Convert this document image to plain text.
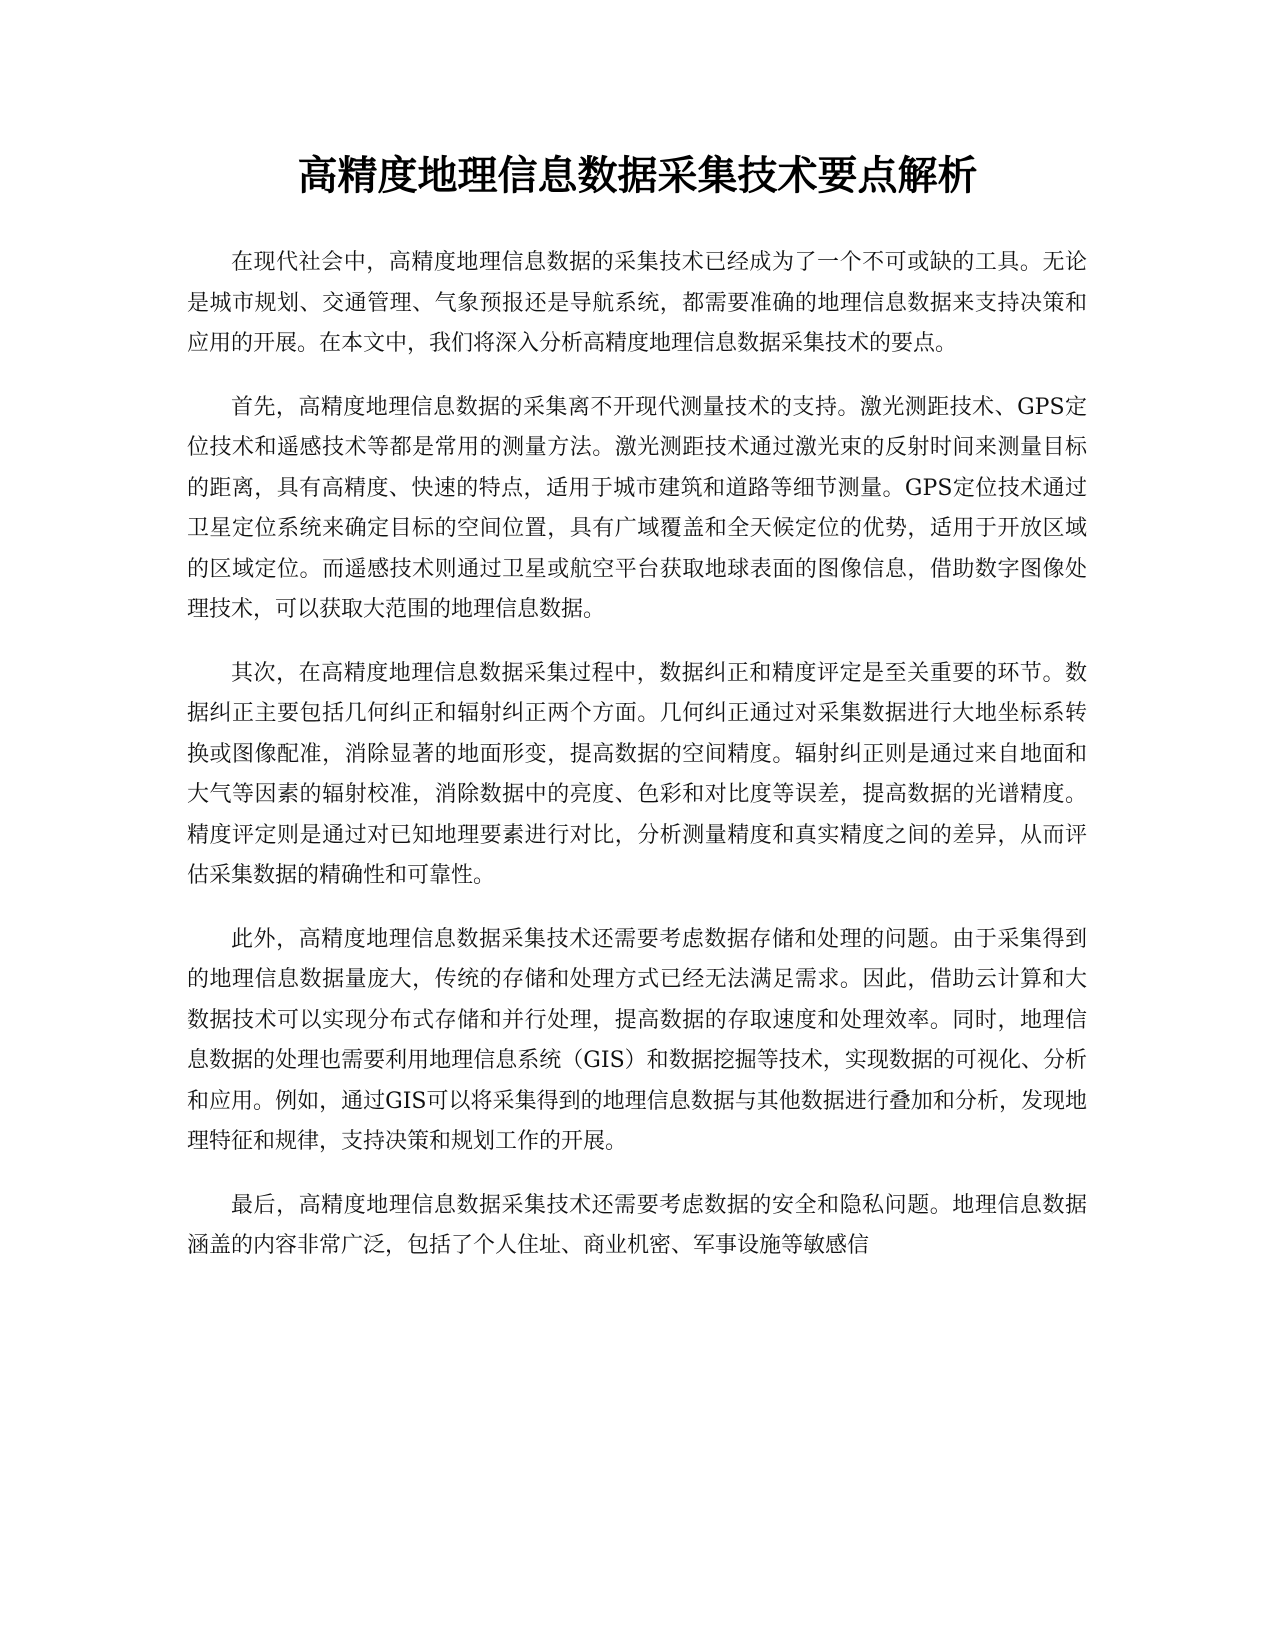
高精度地理信息数据采集技术要点解析

在现代社会中，高精度地理信息数据的采集技术已经成为了一个不可或缺的工具。无论是城市规划、交通管理、气象预报还是导航系统，都需要准确的地理信息数据来支持决策和应用的开展。在本文中，我们将深入分析高精度地理信息数据采集技术的要点。

首先，高精度地理信息数据的采集离不开现代测量技术的支持。激光测距技术、GPS定位技术和遥感技术等都是常用的测量方法。激光测距技术通过激光束的反射时间来测量目标的距离，具有高精度、快速的特点，适用于城市建筑和道路等细节测量。GPS定位技术通过卫星定位系统来确定目标的空间位置，具有广域覆盖和全天候定位的优势，适用于开放区域的区域定位。而遥感技术则通过卫星或航空平台获取地球表面的图像信息，借助数字图像处理技术，可以获取大范围的地理信息数据。

其次，在高精度地理信息数据采集过程中，数据纠正和精度评定是至关重要的环节。数据纠正主要包括几何纠正和辐射纠正两个方面。几何纠正通过对采集数据进行大地坐标系转换或图像配准，消除显著的地面形变，提高数据的空间精度。辐射纠正则是通过来自地面和大气等因素的辐射校准，消除数据中的亮度、色彩和对比度等误差，提高数据的光谱精度。精度评定则是通过对已知地理要素进行对比，分析测量精度和真实精度之间的差异，从而评估采集数据的精确性和可靠性。

此外，高精度地理信息数据采集技术还需要考虑数据存储和处理的问题。由于采集得到的地理信息数据量庞大，传统的存储和处理方式已经无法满足需求。因此，借助云计算和大数据技术可以实现分布式存储和并行处理，提高数据的存取速度和处理效率。同时，地理信息数据的处理也需要利用地理信息系统（GIS）和数据挖掘等技术，实现数据的可视化、分析和应用。例如，通过GIS可以将采集得到的地理信息数据与其他数据进行叠加和分析，发现地理特征和规律，支持决策和规划工作的开展。

最后，高精度地理信息数据采集技术还需要考虑数据的安全和隐私问题。地理信息数据涵盖的内容非常广泛，包括了个人住址、商业机密、军事设施等敏感信
